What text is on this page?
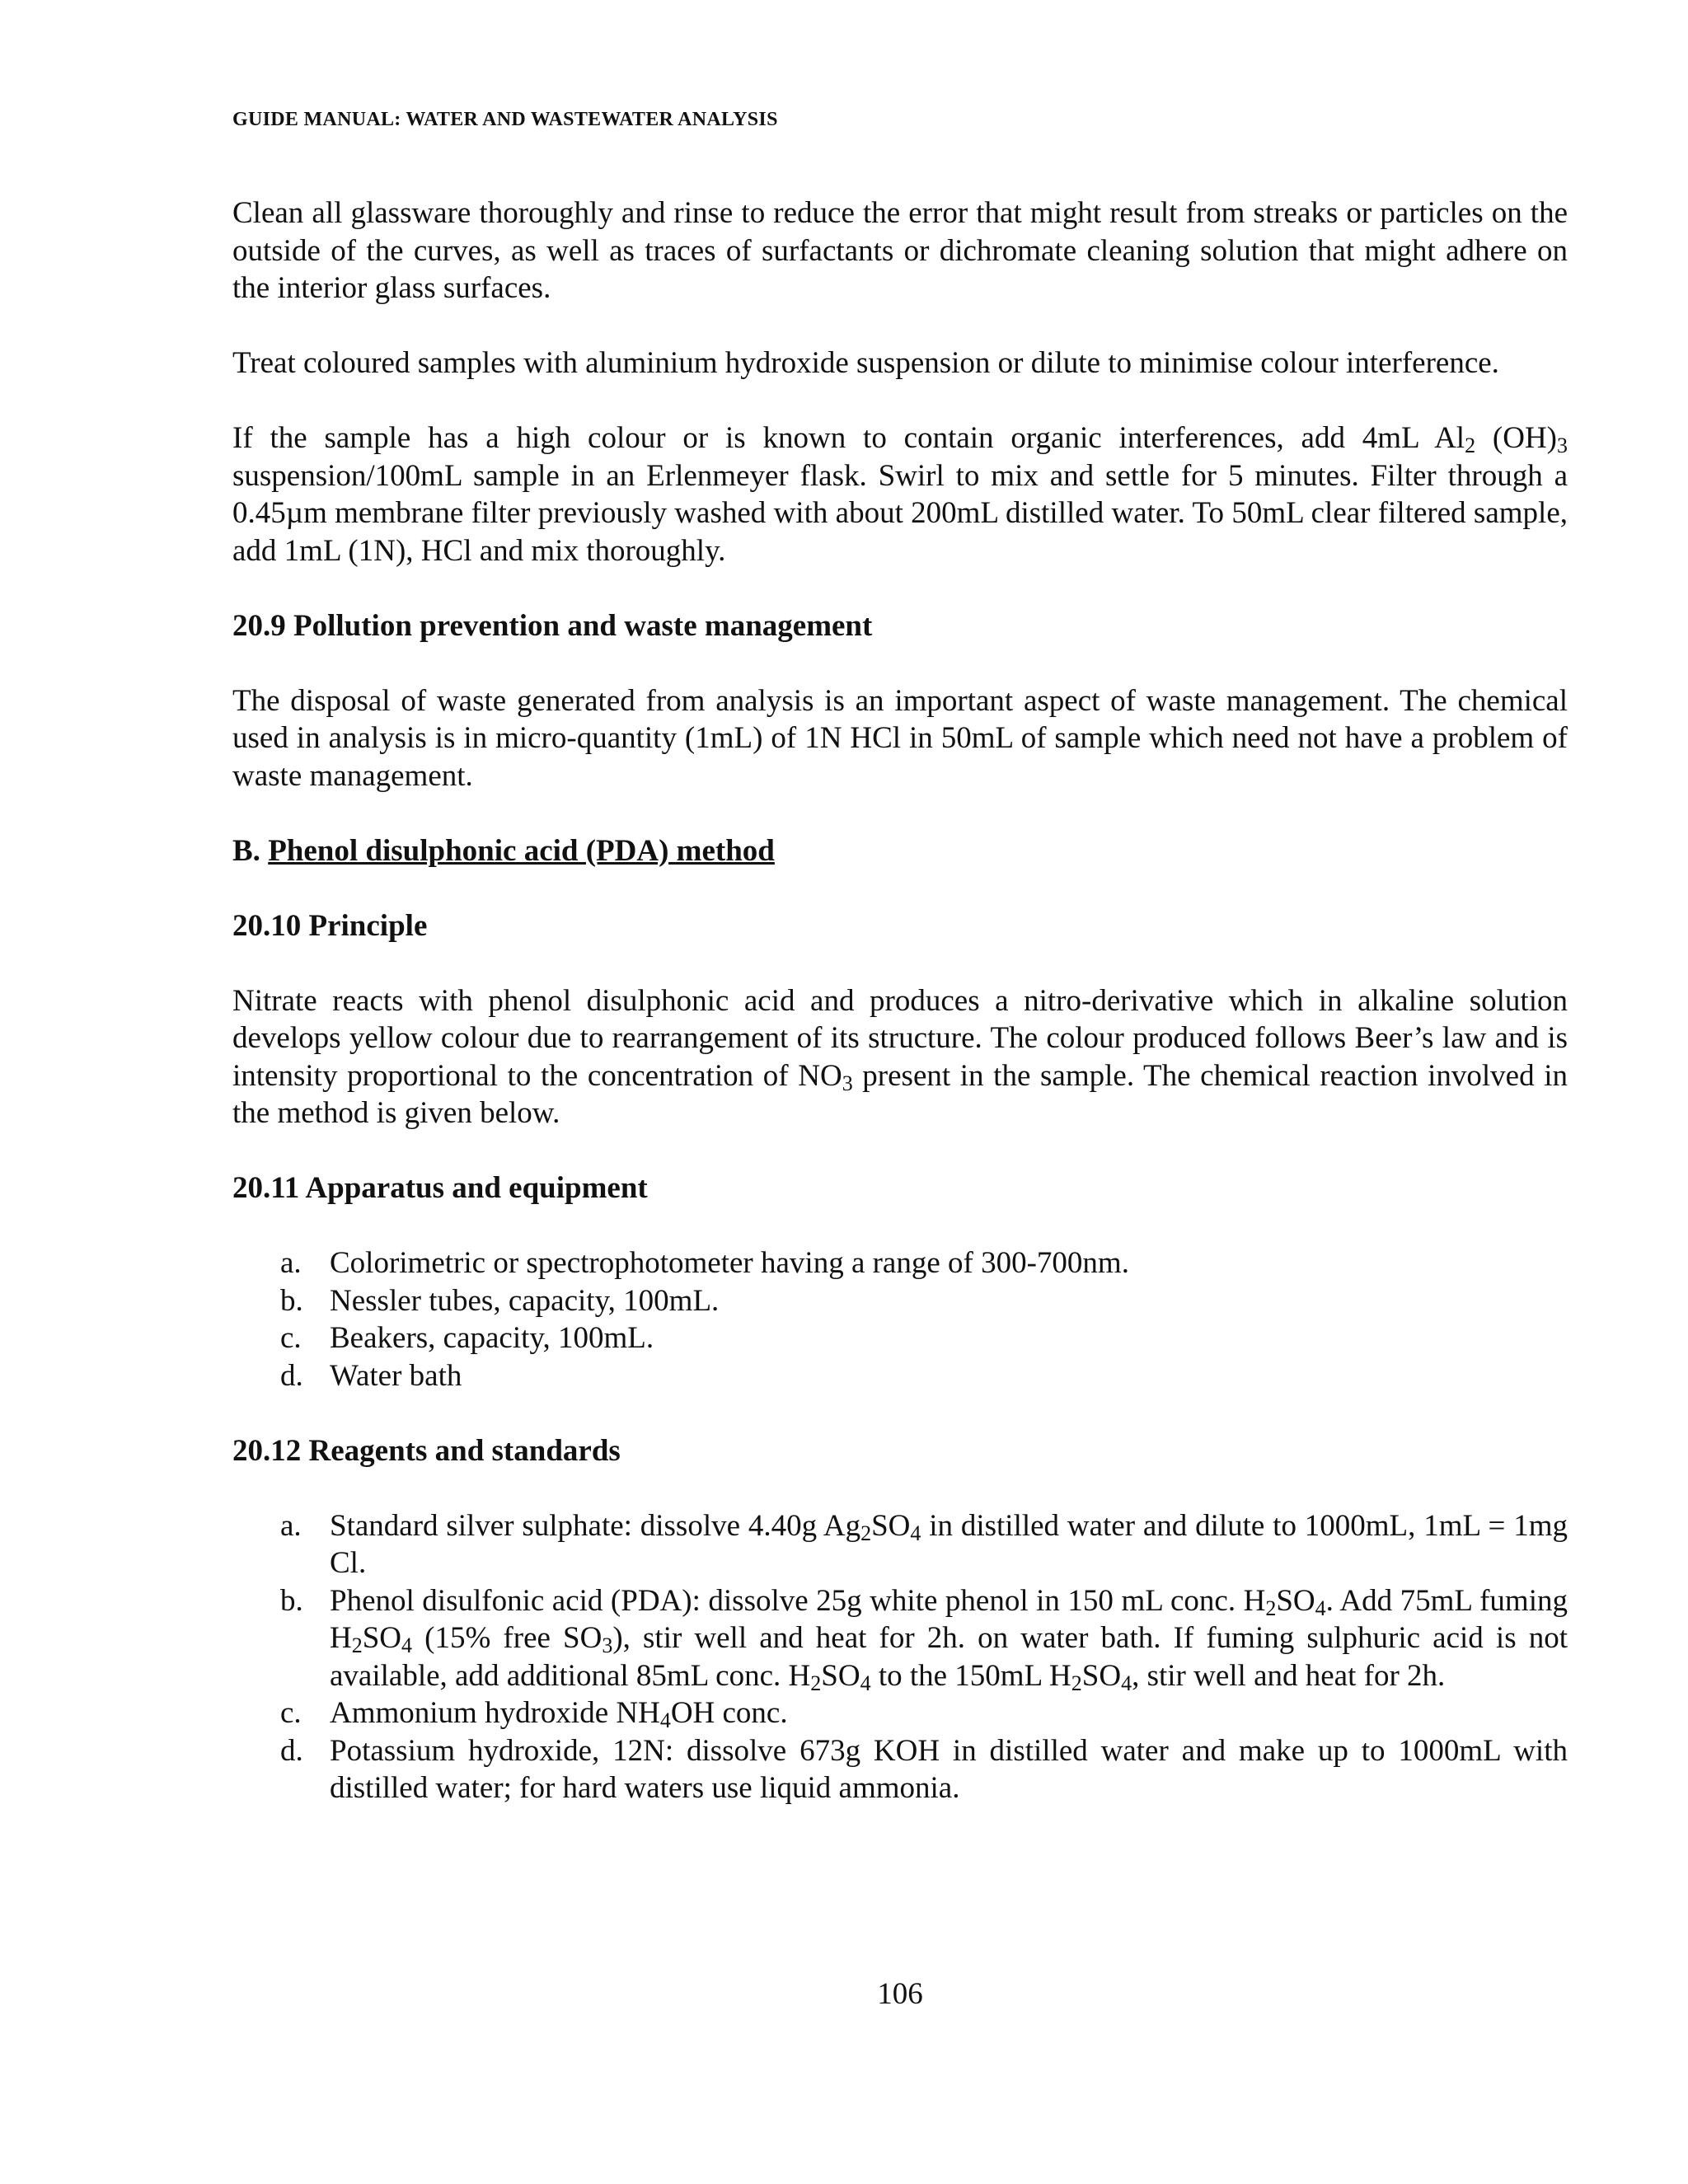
GUIDE MANUAL: WATER AND WASTEWATER ANALYSIS

Clean all glassware thoroughly and rinse to reduce the error that might result from streaks or particles on the outside of the curves, as well as traces of surfactants or dichromate cleaning solution that might adhere on the interior glass surfaces.

Treat coloured samples with aluminium hydroxide suspension or dilute to minimise colour interference.

If the sample has a high colour or is known to contain organic interferences, add 4mL $Al_2$ $(OH)_3$ suspension/100mL sample in an Erlenmeyer flask. Swirl to mix and settle for 5 minutes. Filter through a 0.45µm membrane filter previously washed with about 200mL distilled water. To 50mL clear filtered sample, add 1mL (1N), HCl and mix thoroughly.

20.9 Pollution prevention and waste management

The disposal of waste generated from analysis is an important aspect of waste management. The chemical used in analysis is in micro-quantity (1mL) of 1N HCl in 50mL of sample which need not have a problem of waste management.

B. Phenol disulphonic acid (PDA) method
20.10 Principle

Nitrate reacts with phenol disulphonic acid and produces a nitro-derivative which in alkaline solution develops yellow colour due to rearrangement of its structure. The colour produced follows Beer’s law and is intensity proportional to the concentration of $NO_3$ present in the sample. The chemical reaction involved in the method is given below.

20.11 Apparatus and equipment
a. Colorimetric or spectrophotometer having a range of 300-700nm.
b. Nessler tubes, capacity, 100mL.
c. Beakers, capacity, 100mL.
d. Water bath
20.12 Reagents and standards
a. Standard silver sulphate: dissolve 4.40g $Ag_2SO_4$ in distilled water and dilute to 1000mL, 1mL = 1mg Cl.
b. Phenol disulfonic acid (PDA): dissolve 25g white phenol in 150 mL conc. $H_2SO_4$. Add 75mL fuming $H_2SO_4$ (15% free $SO_3$), stir well and heat for 2h. on water bath. If fuming sulphuric acid is not available, add additional 85mL conc. $H_2SO_4$ to the 150mL $H_2SO_4$, stir well and heat for 2h.
c. Ammonium hydroxide $NH_4OH$ conc.
d. Potassium hydroxide, 12N: dissolve 673g KOH in distilled water and make up to 1000mL with distilled water; for hard waters use liquid ammonia.
106
